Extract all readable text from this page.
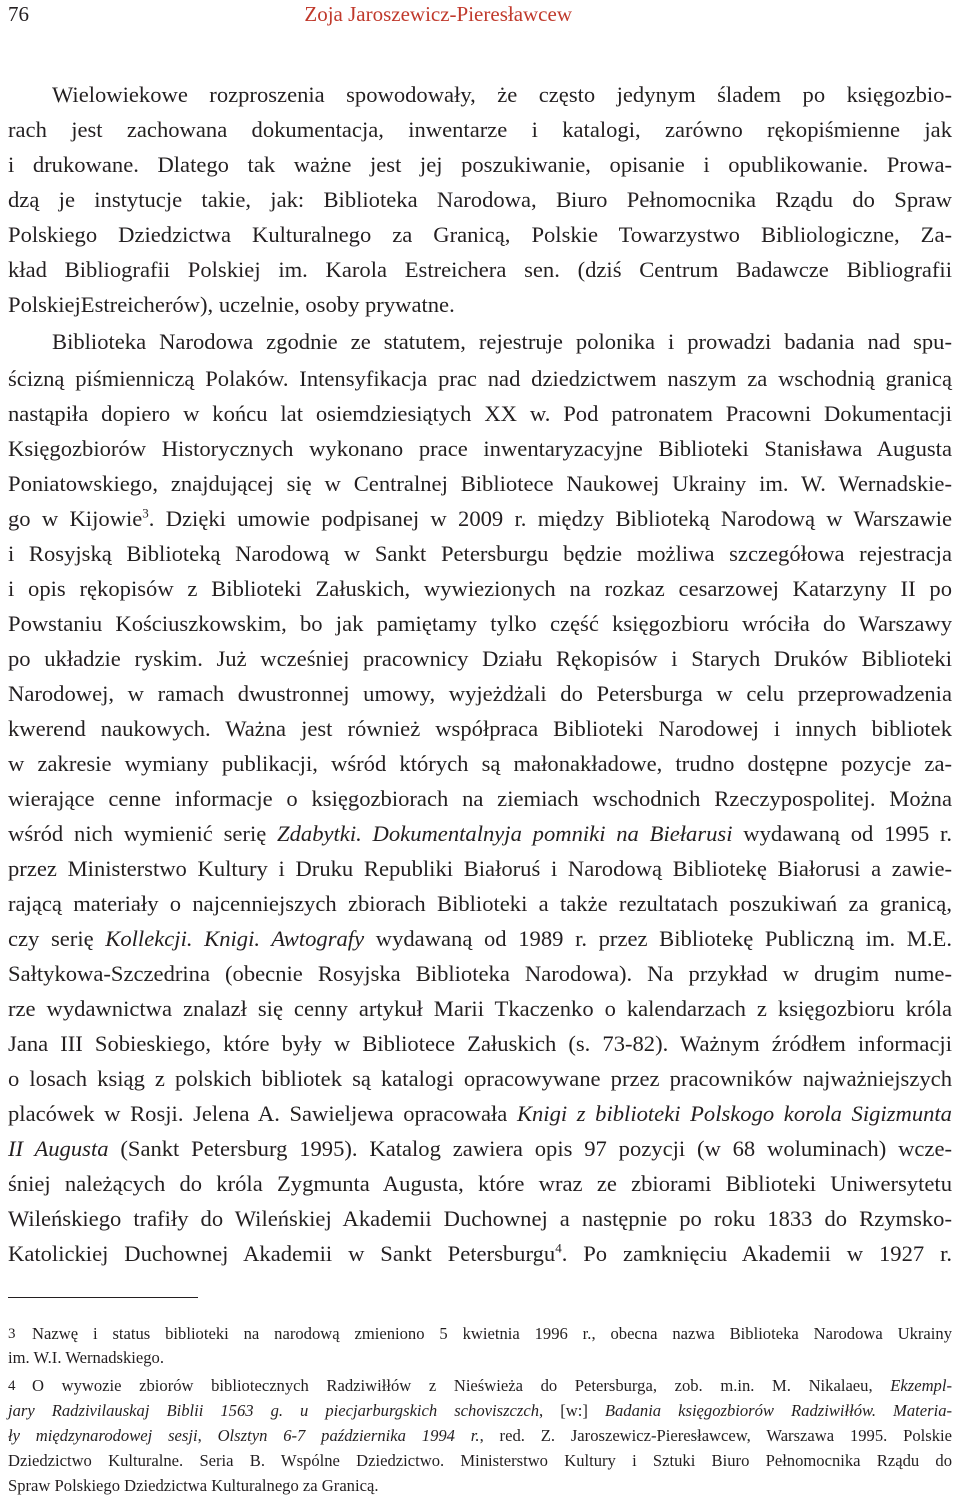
76	Zoja Jaroszewicz-Pieresławcew
Wielowiekowe rozproszenia spowodowały, że często jedynym śladem po księgozbio-
rach jest zachowana dokumentacja, inwentarze i katalogi, zarówno rękopiśmienne jak
i drukowane. Dlatego tak ważne jest jej poszukiwanie, opisanie i opublikowanie. Prowa-
dzą je instytucje takie, jak: Biblioteka Narodowa, Biuro Pełnomocnika Rządu do Spraw
Polskiego Dziedzictwa Kulturalnego za Granicą, Polskie Towarzystwo Bibliologiczne, Za-
kład Bibliografii Polskiej im. Karola Estreichera sen. (dziś Centrum Badawcze Bibliografii
PolskiejEstreicherów), uczelnie, osoby prywatne.
Biblioteka Narodowa zgodnie ze statutem, rejestruje polonika i prowadzi badania nad spu-
ścizną piśmienniczą Polaków. Intensyfikacja prac nad dziedzictwem naszym za wschodnią granicą
nastąpiła dopiero w końcu lat osiemdziesiątych XX w. Pod patronatem Pracowni Dokumentacji
Księgozbiorów Historycznych wykonano prace inwentaryzacyjne Biblioteki Stanisława Augusta
Poniatowskiego, znajdującej się w Centralnej Bibliotece Naukowej Ukrainy im. W. Wernadskie-
go w Kijowie$^3$. Dzięki umowie podpisanej w 2009 r. między Biblioteką Narodową w Warszawie
i Rosyjską Biblioteką Narodową w Sankt Petersburgu będzie możliwa szczegółowa rejestracja
i opis rękopisów z Biblioteki Załuskich, wywiezionych na rozkaz cesarzowej Katarzyny II po
Powstaniu Kościuszkowskim, bo jak pamiętamy tylko część księgozbioru wróciła do Warszawy
po układzie ryskim. Już wcześniej pracownicy Działu Rękopisów i Starych Druków Biblioteki
Narodowej, w ramach dwustronnej umowy, wyjeżdżali do Petersburga w celu przeprowadzenia
kwerend naukowych. Ważna jest również współpraca Biblioteki Narodowej i innych bibliotek
w zakresie wymiany publikacji, wśród których są małonakładowe, trudno dostępne pozycje za-
wierające cenne informacje o księgozbiorach na ziemiach wschodnich Rzeczypospolitej. Można
wśród nich wymienić serię Zdabytki. Dokumentalnyja pomniki na Biełarusi wydawaną od 1995 r.
przez Ministerstwo Kultury i Druku Republiki Białoruś i Narodową Bibliotekę Białorusi a zawie-
rającą materiały o najcenniejszych zbiorach Biblioteki a także rezultatach poszukiwań za granicą,
czy serię Kollekcji. Knigi. Awtografy wydawaną od 1989 r. przez Bibliotekę Publiczną im. M.E.
Sałtykowa-Szczedrina (obecnie Rosyjska Biblioteka Narodowa). Na przykład w drugim nume-
rze wydawnictwa znalazł się cenny artykuł Marii Tkaczenko o kalendarzach z księgozbioru króla
Jana III Sobieskiego, które były w Bibliotece Załuskich (s. 73-82). Ważnym źródłem informacji
o losach ksiąg z polskich bibliotek są katalogi opracowywane przez pracowników najważniejszych
placówek w Rosji. Jelena A. Sawieljewa opracowała Knigi z biblioteki Polskogo korola Sigizmunta
II Augusta (Sankt Petersburg 1995). Katalog zawiera opis 97 pozycji (w 68 woluminach) wcze-
śniej należących do króla Zygmunta Augusta, które wraz ze zbiorami Biblioteki Uniwersytetu
Wileńskiego trafiły do Wileńskiej Akademii Duchownej a następnie po roku 1833 do Rzymsko-
Katolickiej Duchownej Akademii w Sankt Petersburgu$^4$. Po zamknięciu Akademii w 1927 r.
3 Nazwę i status biblioteki na narodową zmieniono 5 kwietnia 1996 r., obecna nazwa Biblioteka Narodowa Ukrainy
im. W.I. Wernadskiego.
4 O wywozie zbiorów bibliotecznych Radziwiłłów z Nieświeża do Petersburga, zob. m.in. M. Nikalaeu, Ekzempl-
jary Radzivilauskaj Biblii 1563 g. u piecjarburgskich schoviszczch, [w:] Badania księgozbiorów Radziwiłłów. Materia-
ły międzynarodowej sesji, Olsztyn 6-7 października 1994 r., red. Z. Jaroszewicz-Pieresławcew, Warszawa 1995. Polskie
Dziedzictwo Kulturalne. Seria B. Wspólne Dziedzictwo. Ministerstwo Kultury i Sztuki Biuro Pełnomocnika Rządu do
Spraw Polskiego Dziedzictwa Kulturalnego za Granicą.
